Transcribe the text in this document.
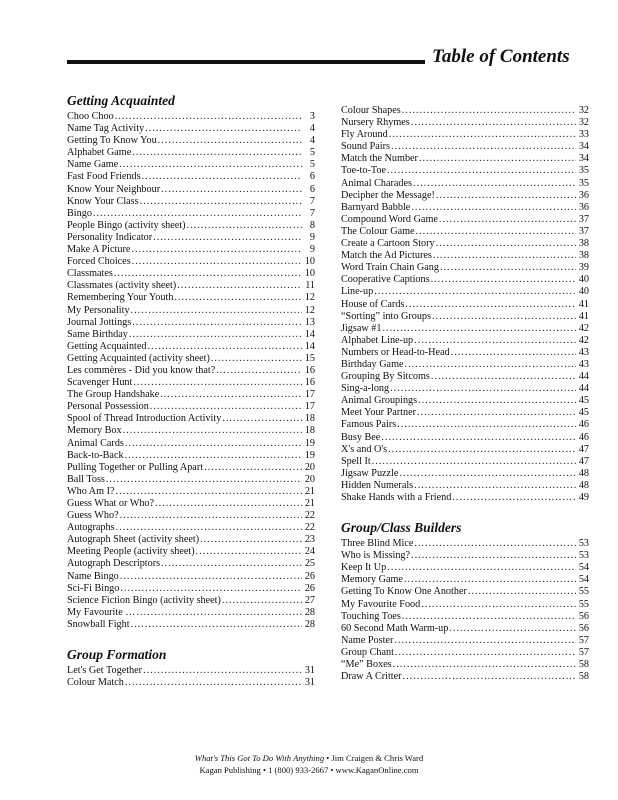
Table of Contents
Getting Acquainted
Choo Choo .....	3
Name Tag Activity .....	4
Getting To Know You .....	4
Alphabet Game .....	5
Name Game .....	5
Fast Food Friends .....	6
Know Your Neighbour .....	6
Know Your Class .....	7
Bingo .....	7
People Bingo (activity sheet) .....	8
Personality Indicator .....	9
Make A Picture .....	9
Forced Choices .....	10
Classmates .....	10
Classmates (activity sheet) .....	11
Remembering Your Youth .....	12
My Personality .....	12
Journal Jottings .....	13
Same Birthday .....	14
Getting Acquainted .....	14
Getting Acquainted (activity sheet) .....	15
Les commères - Did you know that? .....	16
Scavenger Hunt .....	16
The Group Handshake .....	17
Personal Possession .....	17
Spool of Thread Introduction Activity .....	18
Memory Box .....	18
Animal Cards .....	19
Back-to-Back .....	19
Pulling Together or Pulling Apart .....	20
Ball Toss .....	20
Who Am I? .....	21
Guess What or Who? .....	21
Guess Who? .....	22
Autographs .....	22
Autograph Sheet (activity sheet) .....	23
Meeting People (activity sheet) .....	24
Autograph Descriptors .....	25
Name Bingo .....	26
Sci-Fi Bingo .....	26
Science Fiction Bingo (activity sheet) .....	27
My Favourite … .....	28
Snowball Fight .....	28
Group Formation
Let's Get Together .....	31
Colour Match .....	31
Colour Shapes .....	32
Nursery Rhymes .....	32
Fly Around .....	33
Sound Pairs .....	34
Match the Number .....	34
Toe-to-Toe .....	35
Animal Charades .....	35
Decipher the Message! .....	36
Barnyard Babble .....	36
Compound Word Game .....	37
The Colour Game .....	37
Create a Cartoon Story .....	38
Match the Ad Pictures .....	38
Word Train Chain Gang .....	39
Cooperative Captions .....	40
Line-up .....	40
House of Cards .....	41
“Sorting” into Groups .....	41
Jigsaw #1 .....	42
Alphabet Line-up .....	42
Numbers or Head-to-Head .....	43
Birthday Game .....	43
Grouping By Sitcoms .....	44
Sing-a-long .....	44
Animal Groupings .....	45
Meet Your Partner .....	45
Famous Pairs .....	46
Busy Bee .....	46
X's and O's .....	47
Spell It .....	47
Jigsaw Puzzle .....	48
Hidden Numerals .....	48
Shake Hands with a Friend .....	49
Group/Class Builders
Three Blind Mice .....	53
Who is Missing? .....	53
Keep It Up .....	54
Memory Game .....	54
Getting To Know One Another .....	55
My Favourite Food .....	55
Touching Toes .....	56
60 Second Math Warm-up .....	56
Name Poster .....	57
Group Chant .....	57
“Me” Boxes .....	58
Draw A Critter .....	58
What's This Got To Do With Anything • Jim Craigen & Chris Ward
Kagan Publishing • 1 (800) 933-2667 • www.KaganOnline.com
